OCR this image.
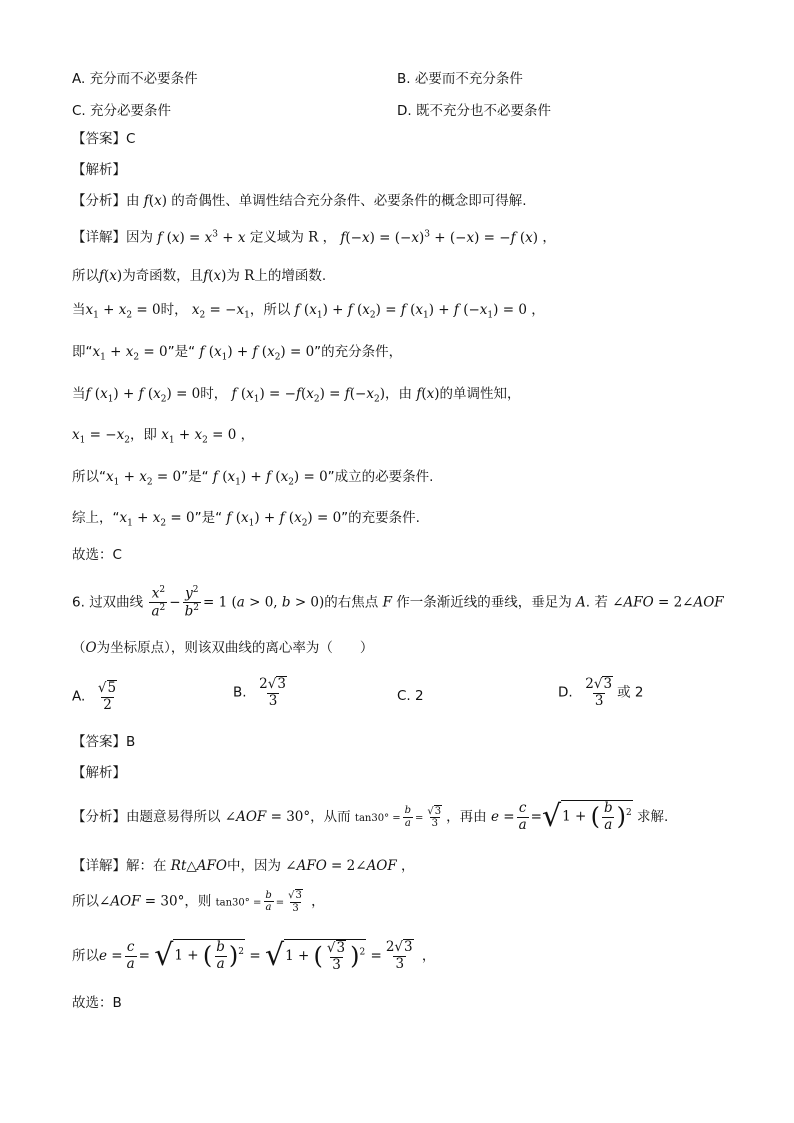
A. 充分而不必要条件	B. 必要而不充分条件
C. 充分必要条件	D. 既不充分也不必要条件
【答案】C
【解析】
【分析】由 f(x) 的奇偶性、单调性结合充分条件、必要条件的概念即可得解.
【详解】因为 f $(x) = x^3 + x$ 定义域为 R ， $f(-x) = (-x)^3 + (-x) = -f$ (x) ，
所以f(x)为奇函数，且f(x)为 R上的增函数.
当$x_1 + x_2 = 0$时， $x_2 = -x_1$，所以 f $(x_1) + f$ $(x_2) = f$ $(x_1) + f$ $(-x_1) = 0$ ，
即“$x_1 + x_2 = 0$”是“ f $(x_1) + f$ $(x_2) = 0$”的充分条件，
当f $(x_1) + f$ $(x_2) = 0$时， f $(x_1) = -f(x_2) = f(-x_2)$，由 f(x)的单调性知，
$x_1 = -x_2$，即 $x_1 + x_2 = 0$ ，
所以“$x_1 + x_2 = 0$”是“ f $(x_1) + f$ $(x_2) = 0$”成立的必要条件.
综上，“$x_1 + x_2 = 0$”是“ f $(x_1) + f$ $(x_2) = 0$”的充要条件.
故选：C
6. 过双曲线 $\frac{x^2}{a^2} - \frac{y^2}{b^2} = 1$ (a > 0, b > 0)的右焦点 F 作一条渐近线的垂线，垂足为 A. 若 ∠AFO = 2∠AOF
（O为坐标原点），则该双曲线的离心率为（　　）
A. $\frac{√5}{2}$	B. $\frac{2√3}{3}$	C. 2	D. $\frac{2√3}{3}$ 或 2
【答案】B
【解析】
【分析】由题意易得所以 ∠AOF = 30°，从而 $\tan 30^\circ = \frac{b}{a} = \frac{√3}{3}$ ，再由 $e = \frac{c}{a} =√1$ + ( $\frac{b}{a} )^2$ 求解.
【详解】解：在 Rt△AFO中，因为 ∠AFO = 2∠AOF ，
所以∠AOF = 30°，则 $\tan 30^\circ = \frac{b}{a} = \frac{√3}{3}$ ，
所以$e = \frac{c}{a} = √1$ + ( $\frac{b}{a} )^2 = √1$ + ( $\frac{√3}{3} )^2 = \frac{2√3}{3}$ ，
故选：B
